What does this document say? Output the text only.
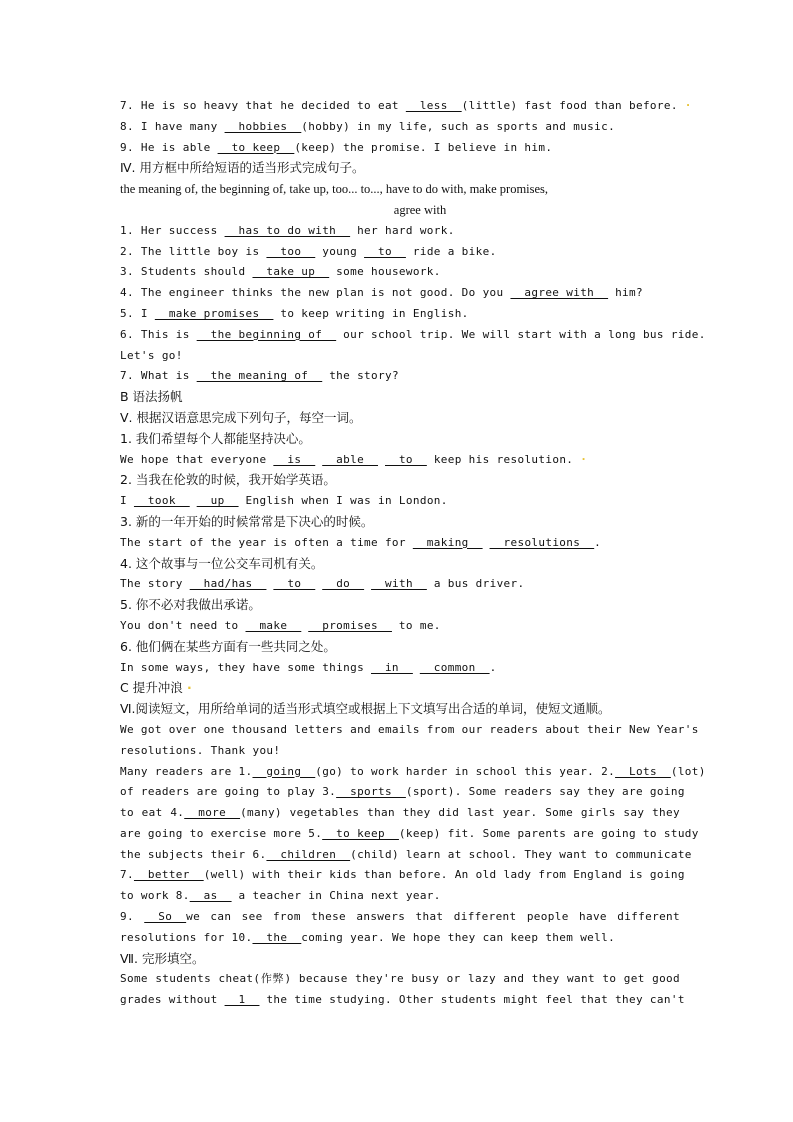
7. He is so heavy that he decided to eat __less__(little) fast food than before. ·
8. I have many __hobbies__(hobby) in my life, such as sports and music.
9. He is able __to keep__(keep) the promise. I believe in him.
Ⅳ. 用方框中所给短语的适当形式完成句子。
the meaning of, the beginning of, take up, too... to..., have to do with, make promises,
agree with
1. Her success __has to do with__ her hard work.
2. The little boy is __too__ young __to__ ride a bike.
3. Students should __take up__ some housework.
4. The engineer thinks the new plan is not good. Do you __agree with__ him?
5. I __make promises__ to keep writing in English.
6. This is __the beginning of__ our school trip. We will start with a long bus ride.
Let's go!
7. What is __the meaning of__ the story?
B 语法扬帆
Ⅴ. 根据汉语意思完成下列句子，每空一词。
1. 我们希望每个人都能坚持决心。
We hope that everyone __is__ __able__ __to__ keep his resolution. ·
2. 当我在伦敦的时候，我开始学英语。
I __took__ __up__ English when I was in London.
3. 新的一年开始的时候常常是下决心的时候。
The start of the year is often a time for __making__ __resolutions__.
4. 这个故事与一位公交车司机有关。
The story __had/has__ __to__ __do__ __with__ a bus driver.
5. 你不必对我做出承诺。
You don't need to __make__ __promises__ to me.
6. 他们俩在某些方面有一些共同之处。
In some ways, they have some things __in__ __common__.
C 提升冲浪 ·
Ⅵ.阅读短文，用所给单词的适当形式填空或根据上下文填写出合适的单词，使短文通顺。
We got over one thousand letters and emails from our readers about their New Year's
resolutions. Thank you!
Many readers are 1.__going__(go) to work harder in school this year. 2.__Lots__(lot)
of readers are going to play 3.__sports__(sport). Some readers say they are going
to eat 4.__more__(many) vegetables than they did last year. Some girls say they
are going to exercise more 5.__to keep__(keep) fit. Some parents are going to study
the subjects their 6.__children__(child) learn at school. They want to communicate
7.__better__(well) with their kids than before. An old lady from England is going
to work 8.__as__ a teacher in China next year.
9. __So__we can see from these answers that different people have different
resolutions for 10.__the__coming year. We hope they can keep them well.
Ⅶ. 完形填空。
Some students cheat(作弊) because they're busy or lazy and they want to get good
grades without __1__ the time studying. Other students might feel that they can't
